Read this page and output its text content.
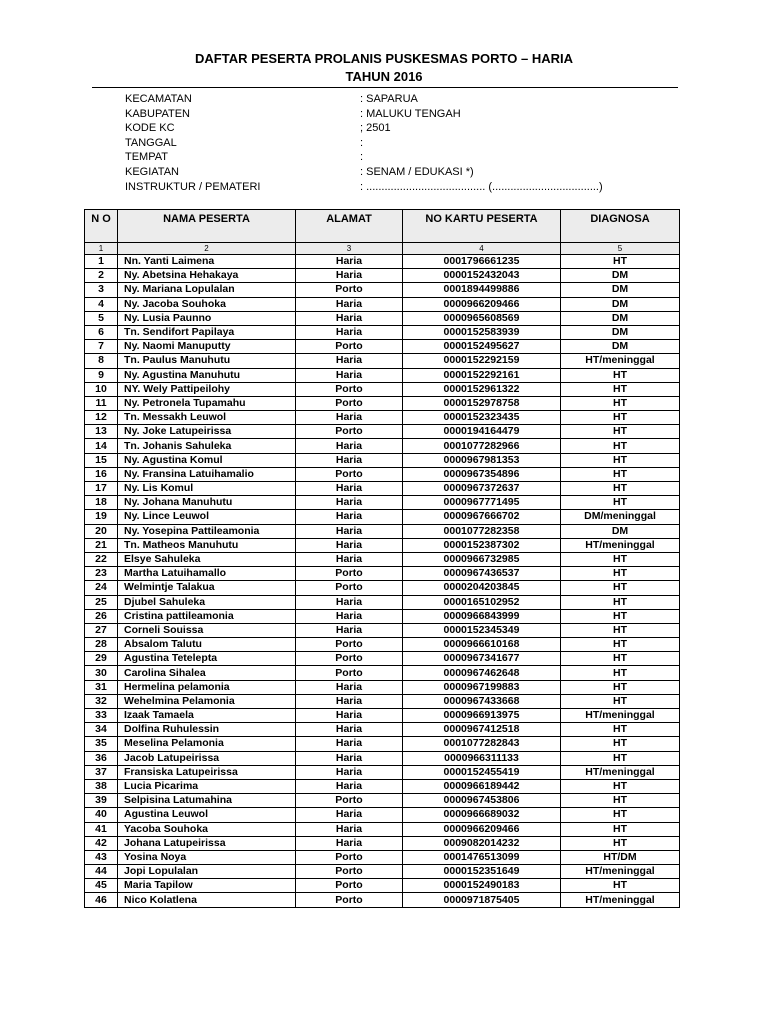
DAFTAR PESERTA PROLANIS PUSKESMAS PORTO – HARIA
TAHUN 2016
KECAMATAN	: SAPARUA
KABUPATEN	: MALUKU TENGAH
KODE KC	; 2501
TANGGAL	:
TEMPAT	:
KEGIATAN	: SENAM / EDUKASI *)
INSTRUKTUR / PEMATERI	: ....................................... (...................................)
N O	NAMA PESERTA	ALAMAT	NO KARTU PESERTA	DIAGNOSA
1	2	3	4	5
1	Nn. Yanti Laimena	Haria	0001796661235	HT
2	Ny. Abetsina Hehakaya	Haria	0000152432043	DM
3	Ny. Mariana Lopulalan	Porto	0001894499886	DM
4	Ny. Jacoba Souhoka	Haria	0000966209466	DM
5	Ny. Lusia Paunno	Haria	0000965608569	DM
6	Tn. Sendifort Papilaya	Haria	0000152583939	DM
7	Ny. Naomi Manuputty	Porto	0000152495627	DM
8	Tn. Paulus Manuhutu	Haria	0000152292159	HT/meninggal
9	Ny. Agustina Manuhutu	Haria	0000152292161	HT
10	NY. Wely Pattipeilohy	Porto	0000152961322	HT
11	Ny. Petronela Tupamahu	Porto	0000152978758	HT
12	Tn. Messakh Leuwol	Haria	0000152323435	HT
13	Ny. Joke Latupeirissa	Porto	0000194164479	HT
14	Tn. Johanis Sahuleka	Haria	0001077282966	HT
15	Ny. Agustina Komul	Haria	0000967981353	HT
16	Ny. Fransina Latuihamalio	Porto	0000967354896	HT
17	Ny. Lis Komul	Haria	0000967372637	HT
18	Ny. Johana Manuhutu	Haria	0000967771495	HT
19	Ny. Lince Leuwol	Haria	0000967666702	DM/meninggal
20	Ny. Yosepina Pattileamonia	Haria	0001077282358	DM
21	Tn. Matheos Manuhutu	Haria	0000152387302	HT/meninggal
22	Elsye Sahuleka	Haria	0000966732985	HT
23	Martha Latuihamallo	Porto	0000967436537	HT
24	Welmintje Talakua	Porto	0000204203845	HT
25	Djubel Sahuleka	Haria	0000165102952	HT
26	Cristina pattileamonia	Haria	0000966843999	HT
27	Corneli Souissa	Haria	0000152345349	HT
28	Absalom Talutu	Porto	0000966610168	HT
29	Agustina Tetelepta	Porto	0000967341677	HT
30	Carolina Sihalea	Porto	0000967462648	HT
31	Hermelina pelamonia	Haria	0000967199883	HT
32	Wehelmina Pelamonia	Haria	0000967433668	HT
33	Izaak Tamaela	Haria	0000966913975	HT/meninggal
34	Dolfina Ruhulessin	Haria	0000967412518	HT
35	Meselina Pelamonia	Haria	0001077282843	HT
36	Jacob Latupeirissa	Haria	0000966311133	HT
37	Fransiska Latupeirissa	Haria	0000152455419	HT/meninggal
38	Lucia Picarima	Haria	0000966189442	HT
39	Selpisina Latumahina	Porto	0000967453806	HT
40	Agustina Leuwol	Haria	0000966689032	HT
41	Yacoba Souhoka	Haria	0000966209466	HT
42	Johana Latupeirissa	Haria	0009082014232	HT
43	Yosina Noya	Porto	0001476513099	HT/DM
44	Jopi Lopulalan	Porto	0000152351649	HT/meninggal
45	Maria Tapilow	Porto	0000152490183	HT
46	Nico Kolatlena	Porto	0000971875405	HT/meninggal
